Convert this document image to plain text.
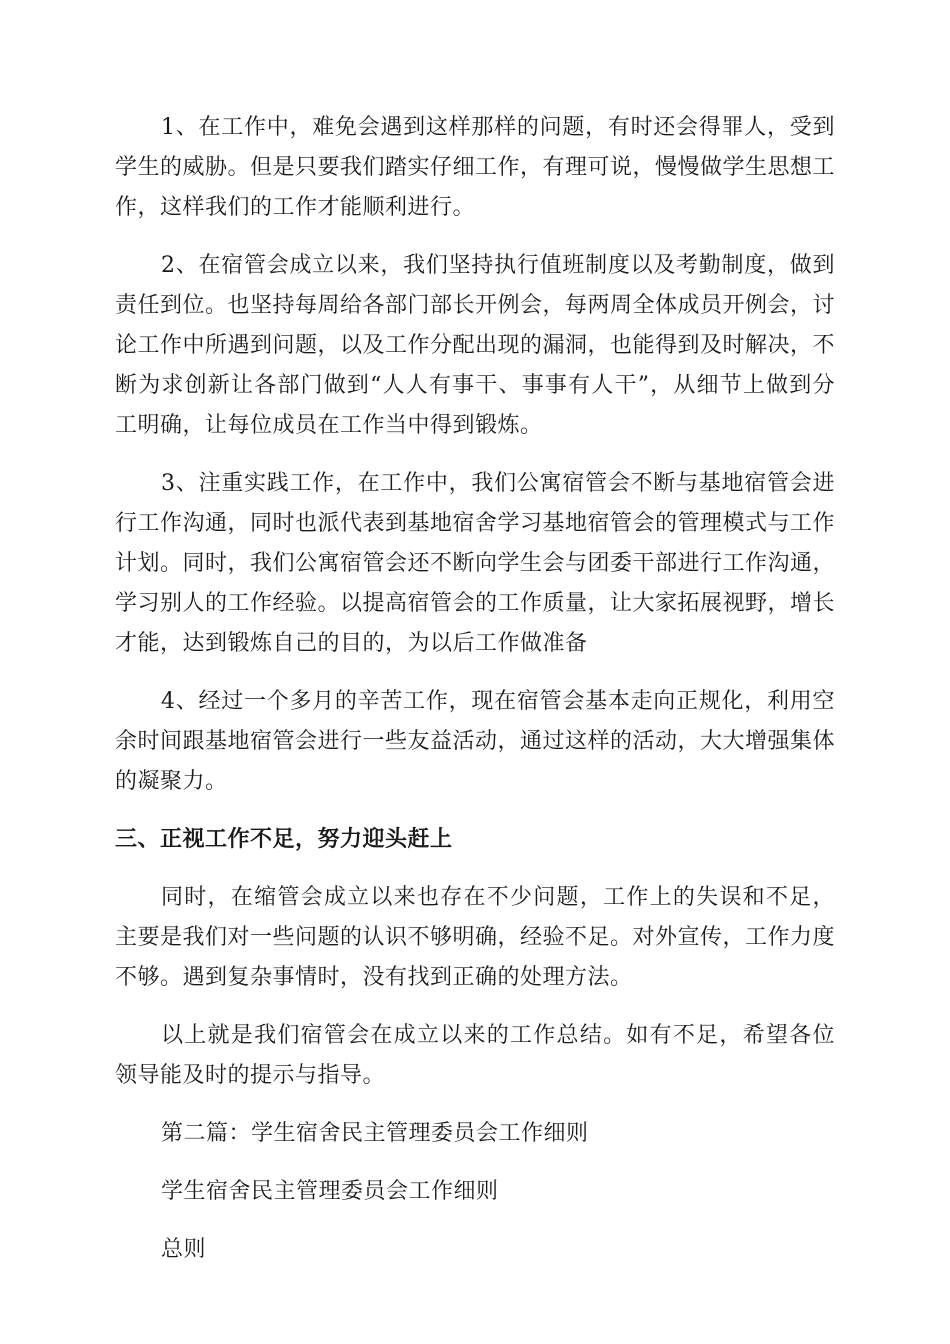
1、在工作中，难免会遇到这样那样的问题，有时还会得罪人，受到学生的威胁。但是只要我们踏实仔细工作，有理可说，慢慢做学生思想工作，这样我们的工作才能顺利进行。

2、在宿管会成立以来，我们坚持执行值班制度以及考勤制度，做到责任到位。也坚持每周给各部门部长开例会，每两周全体成员开例会，讨论工作中所遇到问题，以及工作分配出现的漏洞，也能得到及时解决，不断为求创新让各部门做到“人人有事干、事事有人干”，从细节上做到分工明确，让每位成员在工作当中得到锻炼。

3、注重实践工作，在工作中，我们公寓宿管会不断与基地宿管会进行工作沟通，同时也派代表到基地宿舍学习基地宿管会的管理模式与工作计划。同时，我们公寓宿管会还不断向学生会与团委干部进行工作沟通，学习别人的工作经验。以提高宿管会的工作质量，让大家拓展视野，增长才能，达到锻炼自己的目的，为以后工作做准备

4、经过一个多月的辛苦工作，现在宿管会基本走向正规化，利用空余时间跟基地宿管会进行一些友益活动，通过这样的活动，大大增强集体的凝聚力。

三、正视工作不足，努力迎头赶上

同时，在缩管会成立以来也存在不少问题，工作上的失误和不足，主要是我们对一些问题的认识不够明确，经验不足。对外宣传，工作力度不够。遇到复杂事情时，没有找到正确的处理方法。

以上就是我们宿管会在成立以来的工作总结。如有不足，希望各位领导能及时的提示与指导。

第二篇：学生宿舍民主管理委员会工作细则

学生宿舍民主管理委员会工作细则

总则
